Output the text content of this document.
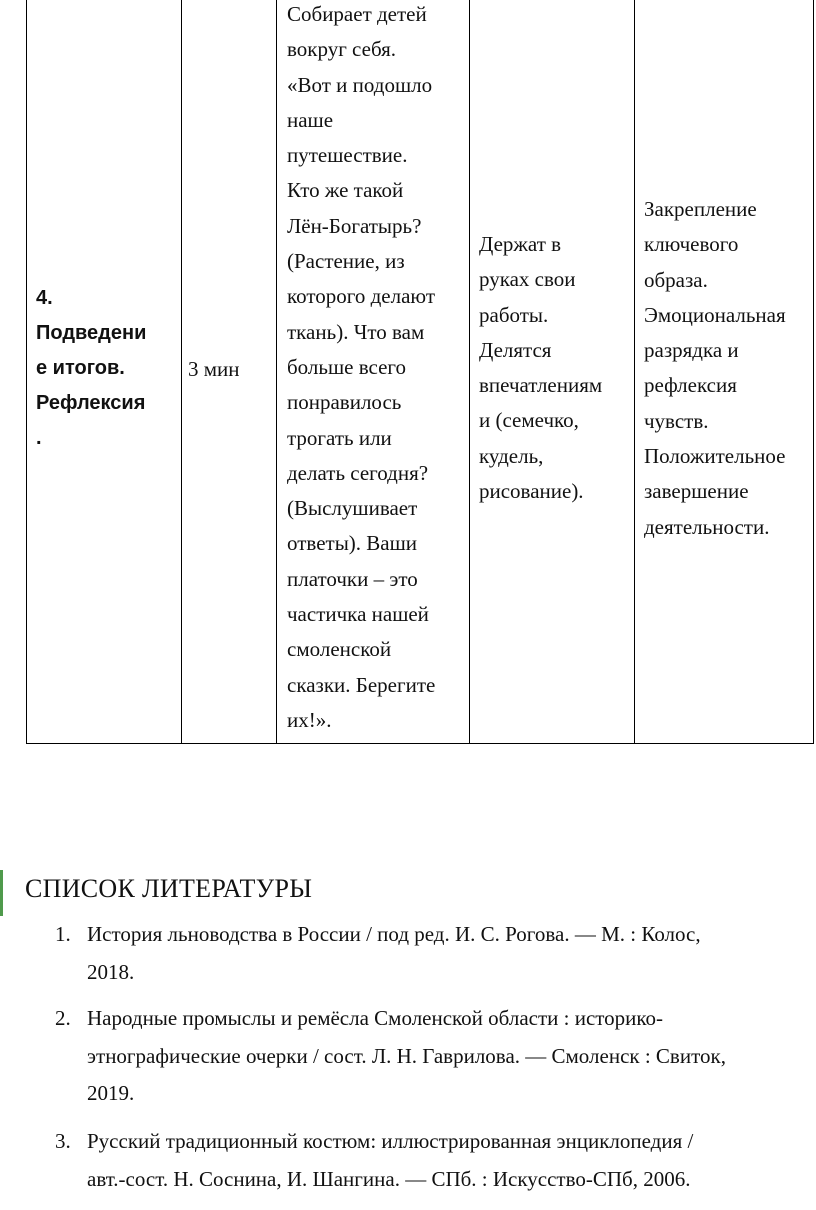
4.
Подведени
е итогов.
Рефлексия
.
3 мин
Собирает детей
вокруг себя.
«Вот и подошло
наше
путешествие.
Кто же такой
Лён-Богатырь?
(Растение, из
которого делают
ткань). Что вам
больше всего
понравилось
трогать или
делать сегодня?
(Выслушивает
ответы). Ваши
платочки – это
частичка нашей
смоленской
сказки. Берегите
их!».
Держат в
руках свои
работы.
Делятся
впечатлениям
и (семечко,
кудель,
рисование).
Закрепление
ключевого
образа.
Эмоциональная
разрядка и
рефлексия
чувств.
Положительное
завершение
деятельности.
СПИСОК ЛИТЕРАТУРЫ
1. История льноводства в России / под ред. И. С. Рогова. — М. : Колос,
2018.
2. Народные промыслы и ремёсла Смоленской области : историко-
этнографические очерки / сост. Л. Н. Гаврилова. — Смоленск : Свиток,
2019.
3. Русский традиционный костюм: иллюстрированная энциклопедия /
авт.-сост. Н. Соснина, И. Шангина. — СПб. : Искусство-СПб, 2006.
